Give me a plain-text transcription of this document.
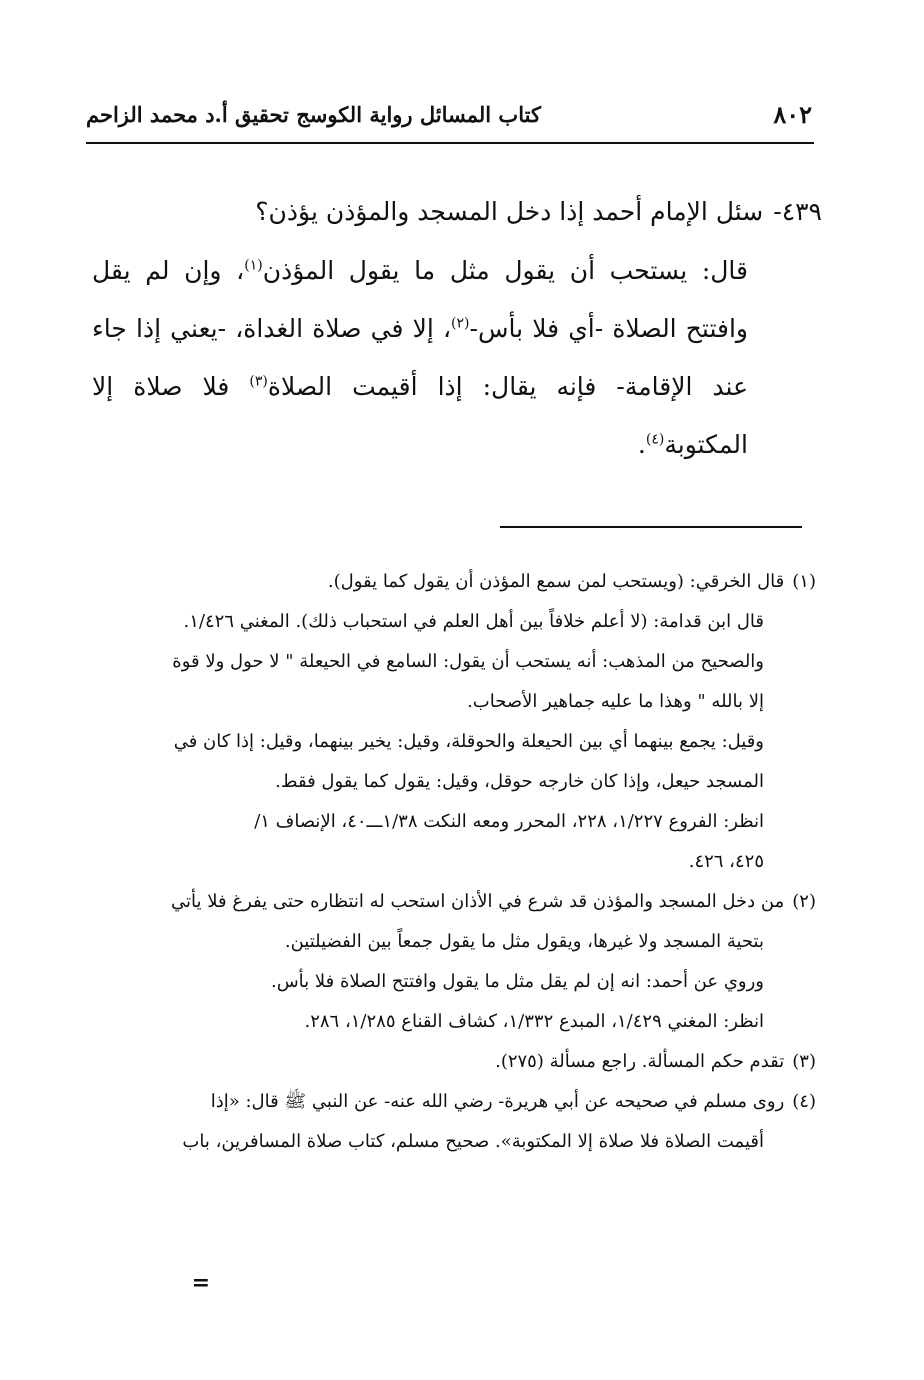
٨٠٢
كتاب المسائل رواية الكوسج تحقيق أ.د محمد الزاحم

٤٣٩-سئل الإمام أحمد إذا دخل المسجد والمؤذن يؤذن؟

قال: يستحب أن يقول مثل ما يقول المؤذن$^{(١)}$، وإن لم يقل وافتتح الصلاة -أي فلا بأس-$^{(٢)}$، إلا في صلاة الغداة، -يعني إذا جاء عند الإقامة- فإنه يقال: إذا أقيمت الصلاة$^{(٣)}$ فلا صلاة إلا المكتوبة$^{(٤)}$.

(١)قال الخرقي: (ويستحب لمن سمع المؤذن أن يقول كما يقول).

قال ابن قدامة: (لا أعلم خلافاً بين أهل العلم في استحباب ذلك). المغني ١/٤٢٦.

والصحيح من المذهب: أنه يستحب أن يقول: السامع في الحيعلة " لا حول ولا قوة

إلا بالله " وهذا ما عليه جماهير الأصحاب.

وقيل: يجمع بينهما أي بين الحيعلة والحوقلة، وقيل: يخير بينهما، وقيل: إذا كان في

المسجد حيعل، وإذا كان خارجه حوقل، وقيل: يقول كما يقول فقط.

انظر: الفروع ١/٢٢٧، ٢٢٨، المحرر ومعه النكت ١/٣٨ـــ٤٠، الإنصاف ١/

٤٢٥، ٤٢٦.

(٢)من دخل المسجد والمؤذن قد شرع في الأذان استحب له انتظاره حتى يفرغ فلا يأتي

بتحية المسجد ولا غيرها، ويقول مثل ما يقول جمعاً بين الفضيلتين.

وروي عن أحمد: انه إن لم يقل مثل ما يقول وافتتح الصلاة فلا بأس.

انظر: المغني ١/٤٢٩، المبدع ١/٣٣٢، كشاف القناع ١/٢٨٥، ٢٨٦.

(٣)تقدم حكم المسألة. راجع مسألة (٢٧٥).

(٤)روى مسلم في صحيحه عن أبي هريرة- رضي الله عنه- عن النبي ﷺ قال: «إذا

أقيمت الصلاة فلا صلاة إلا المكتوبة». صحيح مسلم، كتاب صلاة المسافرين، باب

=
